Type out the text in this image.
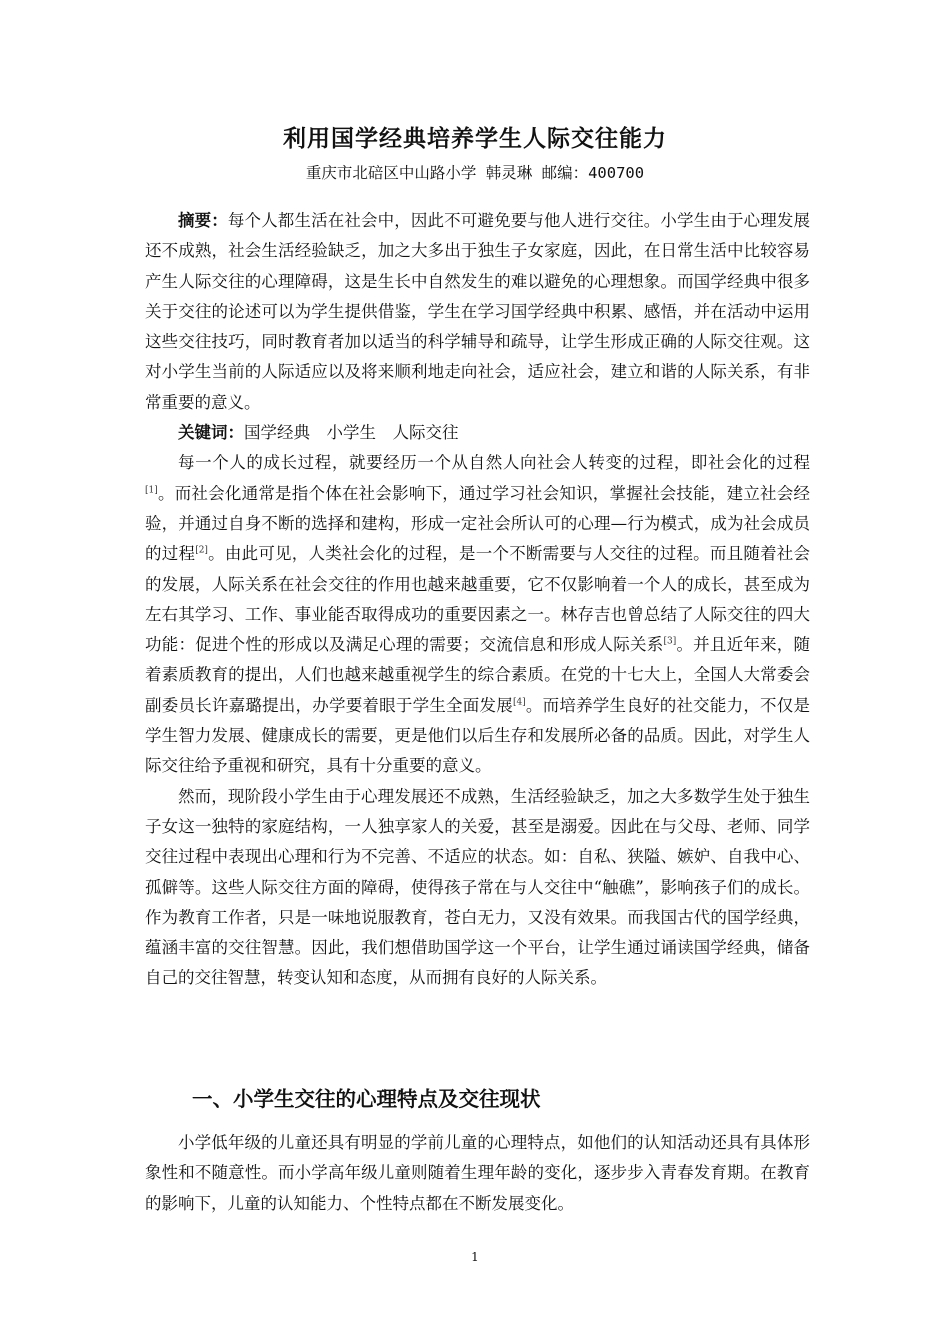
利用国学经典培养学生人际交往能力
重庆市北碚区中山路小学 韩灵琳 邮编：400700

摘要：每个人都生活在社会中，因此不可避免要与他人进行交往。小学生由于心理发展还不成熟，社会生活经验缺乏，加之大多出于独生子女家庭，因此，在日常生活中比较容易产生人际交往的心理障碍，这是生长中自然发生的难以避免的心理想象。而国学经典中很多关于交往的论述可以为学生提供借鉴，学生在学习国学经典中积累、感悟，并在活动中运用这些交往技巧，同时教育者加以适当的科学辅导和疏导，让学生形成正确的人际交往观。这对小学生当前的人际适应以及将来顺利地走向社会，适应社会，建立和谐的人际关系，有非常重要的意义。

关键词：国学经典  小学生  人际交往

每一个人的成长过程，就要经历一个从自然人向社会人转变的过程，即社会化的过程[1]。而社会化通常是指个体在社会影响下，通过学习社会知识，掌握社会技能，建立社会经验，并通过自身不断的选择和建构，形成一定社会所认可的心理—行为模式，成为社会成员的过程[2]。由此可见，人类社会化的过程，是一个不断需要与人交往的过程。而且随着社会的发展，人际关系在社会交往的作用也越来越重要，它不仅影响着一个人的成长，甚至成为左右其学习、工作、事业能否取得成功的重要因素之一。林存吉也曾总结了人际交往的四大功能：促进个性的形成以及满足心理的需要；交流信息和形成人际关系[3]。并且近年来，随着素质教育的提出，人们也越来越重视学生的综合素质。在党的十七大上，全国人大常委会副委员长许嘉璐提出，办学要着眼于学生全面发展[4]。而培养学生良好的社交能力，不仅是学生智力发展、健康成长的需要，更是他们以后生存和发展所必备的品质。因此，对学生人际交往给予重视和研究，具有十分重要的意义。

然而，现阶段小学生由于心理发展还不成熟，生活经验缺乏，加之大多数学生处于独生子女这一独特的家庭结构，一人独享家人的关爱，甚至是溺爱。因此在与父母、老师、同学交往过程中表现出心理和行为不完善、不适应的状态。如：自私、狭隘、嫉妒、自我中心、孤僻等。这些人际交往方面的障碍，使得孩子常在与人交往中“触礁”，影响孩子们的成长。作为教育工作者，只是一味地说服教育，苍白无力，又没有效果。而我国古代的国学经典，蕴涵丰富的交往智慧。因此，我们想借助国学这一个平台，让学生通过诵读国学经典，储备自己的交往智慧，转变认知和态度，从而拥有良好的人际关系。

一、小学生交往的心理特点及交往现状

小学低年级的儿童还具有明显的学前儿童的心理特点，如他们的认知活动还具有具体形象性和不随意性。而小学高年级儿童则随着生理年龄的变化，逐步步入青春发育期。在教育的影响下，儿童的认知能力、个性特点都在不断发展变化。

1
